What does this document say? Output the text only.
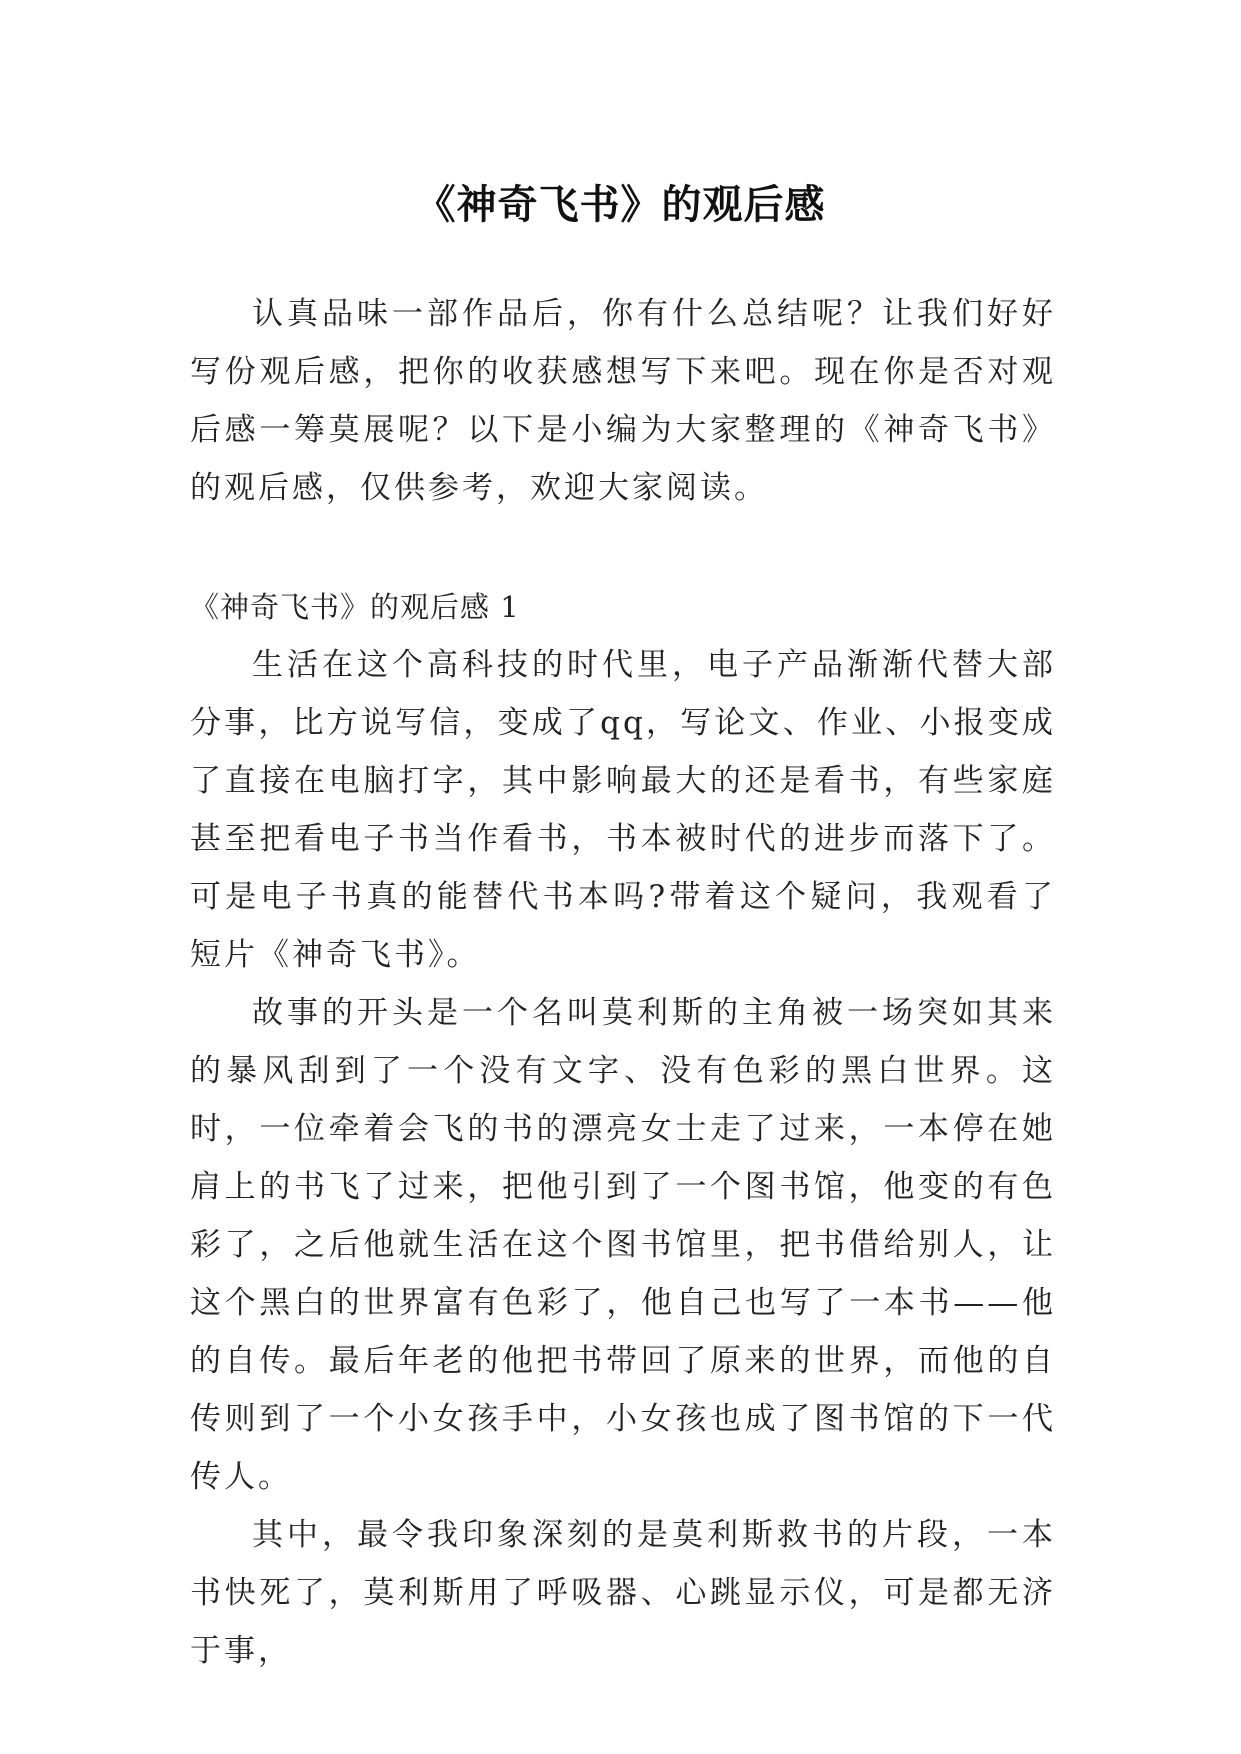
《神奇飞书》的观后感

认真品味一部作品后，你有什么总结呢？让我们好好写份观后感，把你的收获感想写下来吧。现在你是否对观后感一筹莫展呢？以下是小编为大家整理的《神奇飞书》的观后感，仅供参考，欢迎大家阅读。

《神奇飞书》的观后感 1

生活在这个高科技的时代里，电子产品渐渐代替大部分事，比方说写信，变成了qq，写论文、作业、小报变成了直接在电脑打字，其中影响最大的还是看书，有些家庭甚至把看电子书当作看书，书本被时代的进步而落下了。可是电子书真的能替代书本吗?带着这个疑问，我观看了短片《神奇飞书》。

故事的开头是一个名叫莫利斯的主角被一场突如其来的暴风刮到了一个没有文字、没有色彩的黑白世界。这时，一位牵着会飞的书的漂亮女士走了过来，一本停在她肩上的书飞了过来，把他引到了一个图书馆，他变的有色彩了，之后他就生活在这个图书馆里，把书借给别人，让这个黑白的世界富有色彩了，他自己也写了一本书——他的自传。最后年老的他把书带回了原来的世界，而他的自传则到了一个小女孩手中，小女孩也成了图书馆的下一代传人。

其中，最令我印象深刻的是莫利斯救书的片段，一本书快死了，莫利斯用了呼吸器、心跳显示仪，可是都无济于事，
